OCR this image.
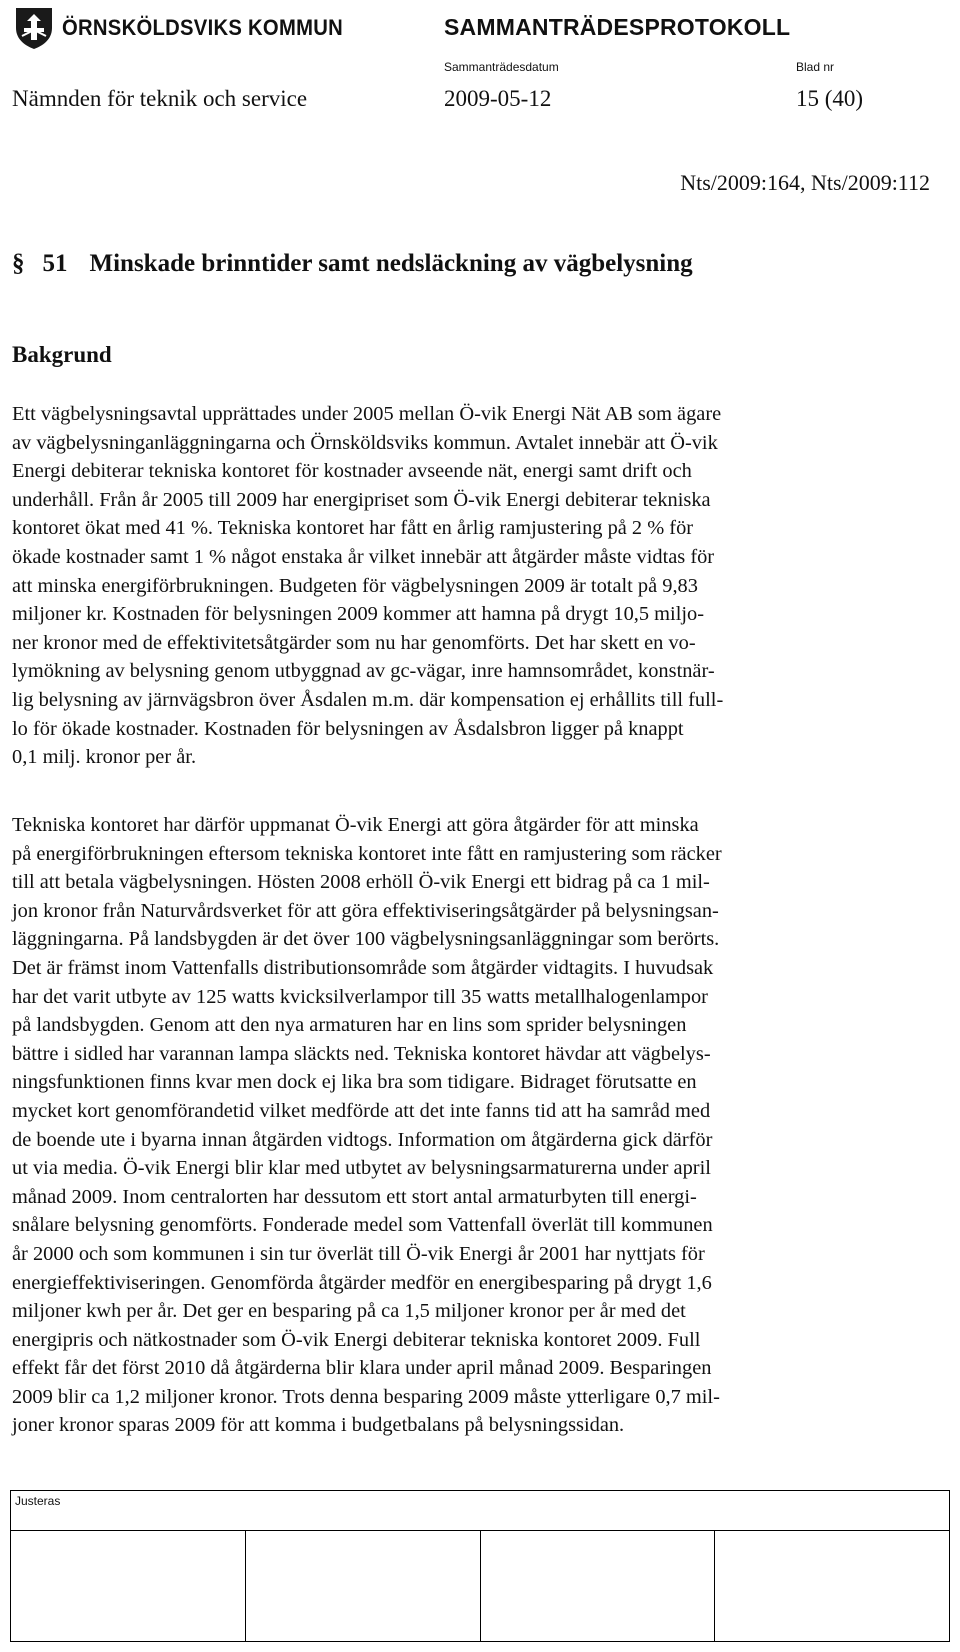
ÖRNSKÖLDSVIKS KOMMUN	SAMMANTRÄDESPROTOKOLL
Sammanträdesdatum	Blad nr
Nämnden för teknik och service	2009-05-12	15 (40)
Nts/2009:164, Nts/2009:112
§ 51 Minskade brinntider samt nedsläckning av vägbelysning
Bakgrund

Ett vägbelysningsavtal upprättades under 2005 mellan Ö-vik Energi Nät AB som ägare
av vägbelysninganläggningarna och Örnsköldsviks kommun. Avtalet innebär att Ö-vik
Energi debiterar tekniska kontoret för kostnader avseende nät, energi samt drift och
underhåll. Från år 2005 till 2009 har energipriset som Ö-vik Energi debiterar tekniska
kontoret ökat med 41 %. Tekniska kontoret har fått en årlig ramjustering på 2 % för
ökade kostnader samt 1 % något enstaka år vilket innebär att åtgärder måste vidtas för
att minska energiförbrukningen. Budgeten för vägbelysningen 2009 är totalt på 9,83
miljoner kr. Kostnaden för belysningen 2009 kommer att hamna på drygt 10,5 miljo-
ner kronor med de effektivitetsåtgärder som nu har genomförts. Det har skett en vo-
lymökning av belysning genom utbyggnad av gc-vägar, inre hamnsområdet, konstnär-
lig belysning av järnvägsbron över Åsdalen m.m. där kompensation ej erhållits till full-
lo för ökade kostnader. Kostnaden för belysningen av Åsdalsbron ligger på knappt
0,1 milj. kronor per år.

Tekniska kontoret har därför uppmanat Ö-vik Energi att göra åtgärder för att minska
på energiförbrukningen eftersom tekniska kontoret inte fått en ramjustering som räcker
till att betala vägbelysningen. Hösten 2008 erhöll Ö-vik Energi ett bidrag på ca 1 mil-
jon kronor från Naturvårdsverket för att göra effektiviseringsåtgärder på belysningsan-
läggningarna. På landsbygden är det över 100 vägbelysningsanläggningar som berörts.
Det är främst inom Vattenfalls distributionsområde som åtgärder vidtagits. I huvudsak
har det varit utbyte av 125 watts kvicksilverlampor till 35 watts metallhalogenlampor
på landsbygden. Genom att den nya armaturen har en lins som sprider belysningen
bättre i sidled har varannan lampa släckts ned. Tekniska kontoret hävdar att vägbelys-
ningsfunktionen finns kvar men dock ej lika bra som tidigare. Bidraget förutsatte en
mycket kort genomförandetid vilket medförde att det inte fanns tid att ha samråd med
de boende ute i byarna innan åtgärden vidtogs. Information om åtgärderna gick därför
ut via media. Ö-vik Energi blir klar med utbytet av belysningsarmaturerna under april
månad 2009. Inom centralorten har dessutom ett stort antal armaturbyten till energi-
snålare belysning genomförts. Fonderade medel som Vattenfall överlät till kommunen
år 2000 och som kommunen i sin tur överlät till Ö-vik Energi år 2001 har nyttjats för
energieffektiviseringen. Genomförda åtgärder medför en energibesparing på drygt 1,6
miljoner kwh per år. Det ger en besparing på ca 1,5 miljoner kronor per år med det
energipris och nätkostnader som Ö-vik Energi debiterar tekniska kontoret 2009. Full
effekt får det först 2010 då åtgärderna blir klara under april månad 2009. Besparingen
2009 blir ca 1,2 miljoner kronor. Trots denna besparing 2009 måste ytterligare 0,7 mil-
joner kronor sparas 2009 för att komma i budgetbalans på belysningssidan.

Justeras
